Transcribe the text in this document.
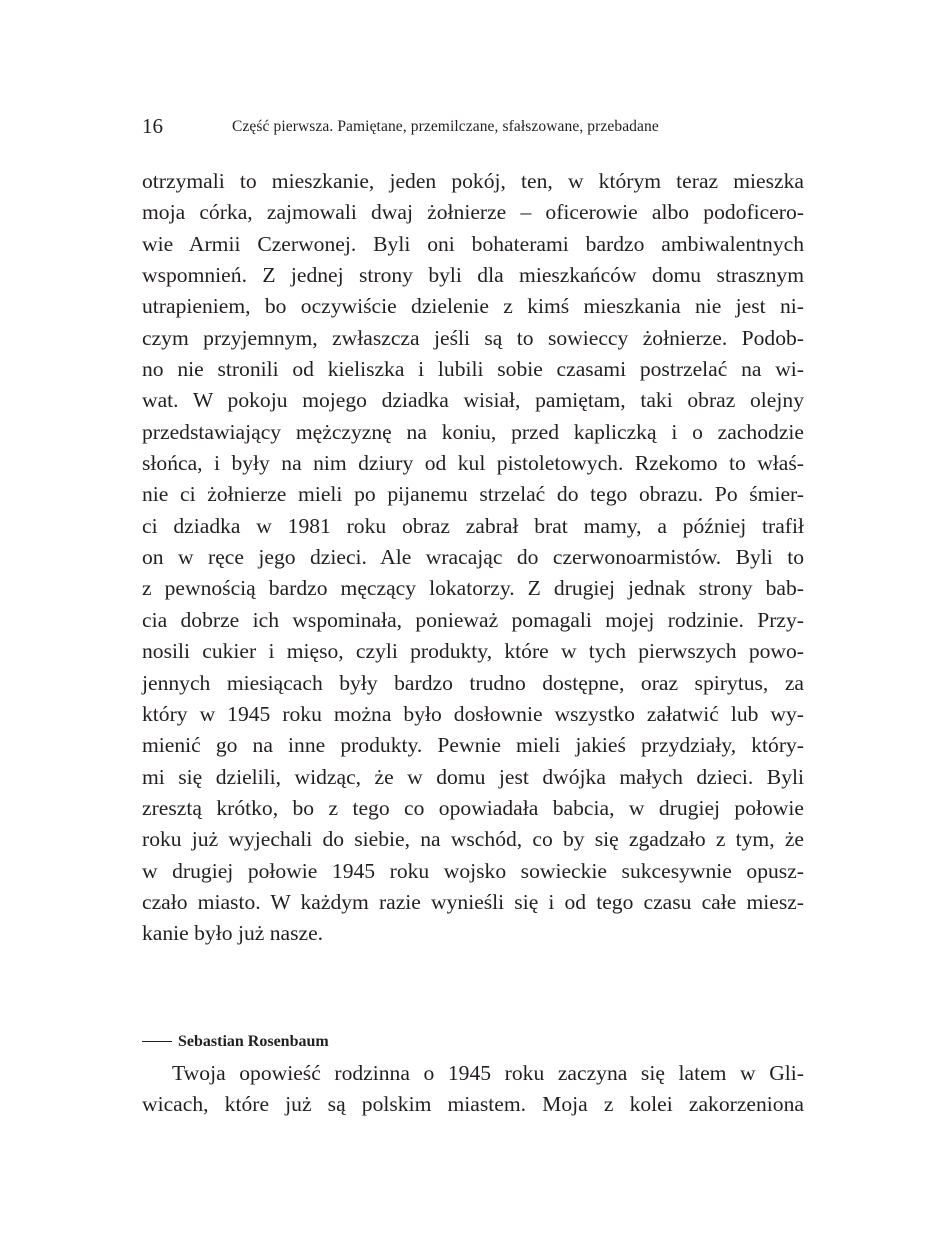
16	Część pierwsza. Pamiętane, przemilczane, sfałszowane, przebadane
otrzymali to mieszkanie, jeden pokój, ten, w którym teraz mieszka
moja córka, zajmowali dwaj żołnierze – oficerowie albo podoficero-
wie Armii Czerwonej. Byli oni bohaterami bardzo ambiwalentnych
wspomnień. Z jednej strony byli dla mieszkańców domu strasznym
utrapieniem, bo oczywiście dzielenie z kimś mieszkania nie jest ni-
czym przyjemnym, zwłaszcza jeśli są to sowieccy żołnierze. Podob-
no nie stronili od kieliszka i lubili sobie czasami postrzelać na wi-
wat. W pokoju mojego dziadka wisiał, pamiętam, taki obraz olejny
przedstawiający mężczyznę na koniu, przed kapliczką i o zachodzie
słońca, i były na nim dziury od kul pistoletowych. Rzekomo to właś-
nie ci żołnierze mieli po pijanemu strzelać do tego obrazu. Po śmier-
ci dziadka w 1981 roku obraz zabrał brat mamy, a później trafił
on w ręce jego dzieci. Ale wracając do czerwonoarmistów. Byli to
z pewnością bardzo męczący lokatorzy. Z drugiej jednak strony bab-
cia dobrze ich wspominała, ponieważ pomagali mojej rodzinie. Przy-
nosili cukier i mięso, czyli produkty, które w tych pierwszych powo-
jennych miesiącach były bardzo trudno dostępne, oraz spirytus, za
który w 1945 roku można było dosłownie wszystko załatwić lub wy-
mienić go na inne produkty. Pewnie mieli jakieś przydziały, który-
mi się dzielili, widząc, że w domu jest dwójka małych dzieci. Byli
zresztą krótko, bo z tego co opowiadała babcia, w drugiej połowie
roku już wyjechali do siebie, na wschód, co by się zgadzało z tym, że
w drugiej połowie 1945 roku wojsko sowieckie sukcesywnie opusz-
czało miasto. W każdym razie wynieśli się i od tego czasu całe miesz-
kanie było już nasze.
Sebastian Rosenbaum
Twoja opowieść rodzinna o 1945 roku zaczyna się latem w Gli-
wicach, które już są polskim miastem. Moja z kolei zakorzeniona
